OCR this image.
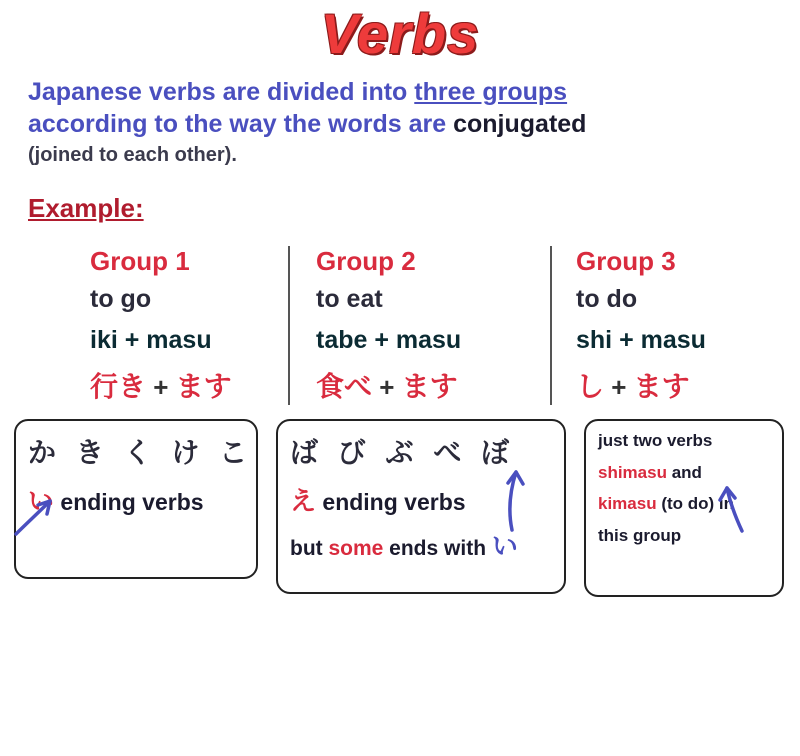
Verbs
Japanese verbs are divided into three groups
according to the way the words are conjugated
(joined to each other).
Example:
Group 1
to go
iki + masu
行き + ます
Group 2
to eat
tabe + masu
食べ + ます
Group 3
to do
shi + masu
し + ます
か き く け こ
い ending verbs
ば び ぶ べ ぼ
え ending verbs
but some ends with い
just two verbs
shimasu and
kimasu (to do) in
this group
